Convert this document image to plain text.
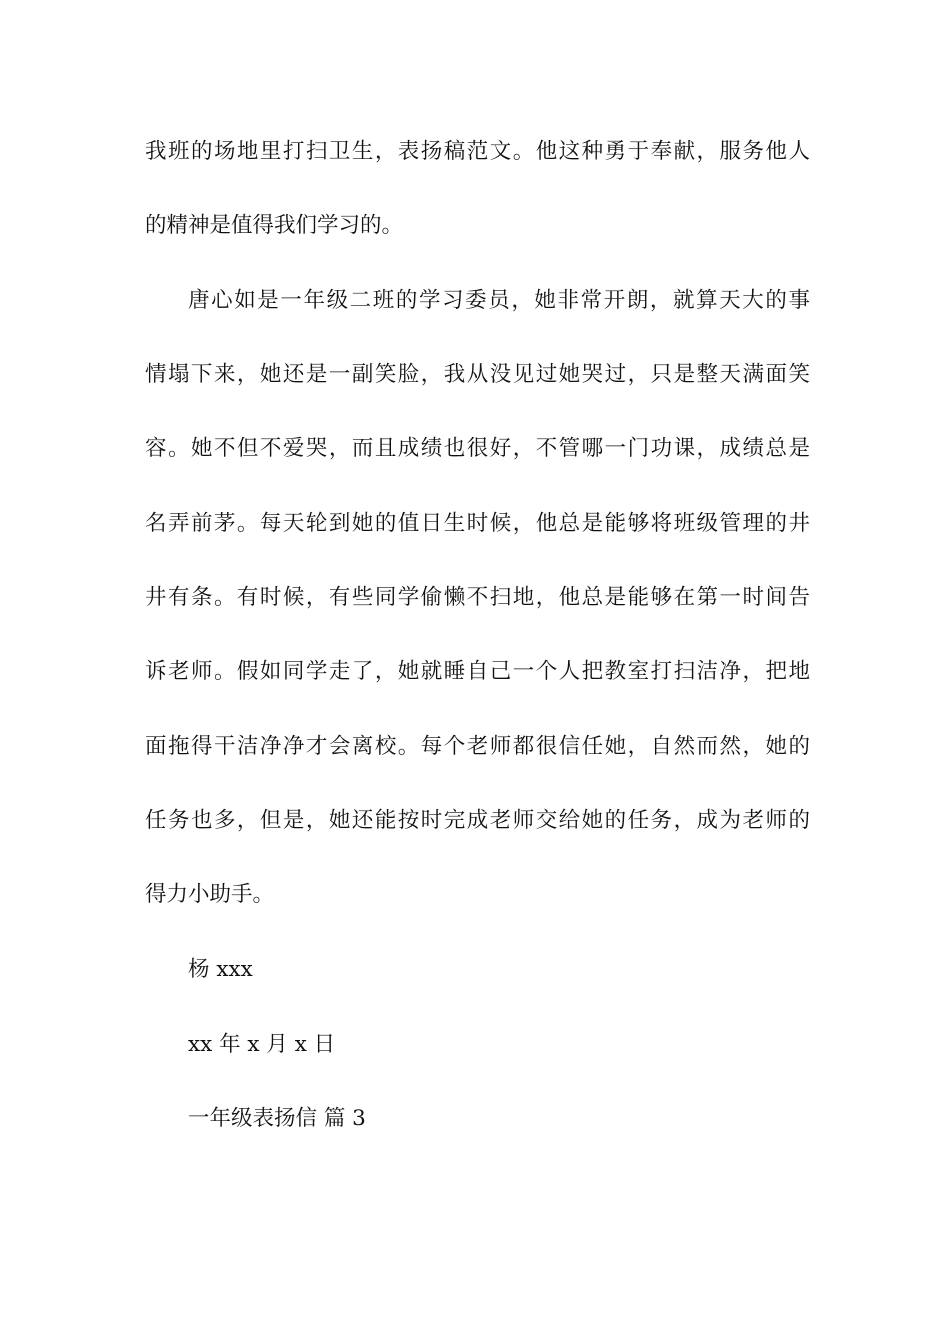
我班的场地里打扫卫生，表扬稿范文。他这种勇于奉献，服务他人
的精神是值得我们学习的。
唐心如是一年级二班的学习委员，她非常开朗，就算天大的事
情塌下来，她还是一副笑脸，我从没见过她哭过，只是整天满面笑
容。她不但不爱哭，而且成绩也很好，不管哪一门功课，成绩总是
名弄前茅。每天轮到她的值日生时候，他总是能够将班级管理的井
井有条。有时候，有些同学偷懒不扫地，他总是能够在第一时间告
诉老师。假如同学走了，她就睡自己一个人把教室打扫洁净，把地
面拖得干洁净净才会离校。每个老师都很信任她，自然而然，她的
任务也多，但是，她还能按时完成老师交给她的任务，成为老师的
得力小助手。
杨 xxx
xx 年 x 月 x 日
一年级表扬信 篇 3
